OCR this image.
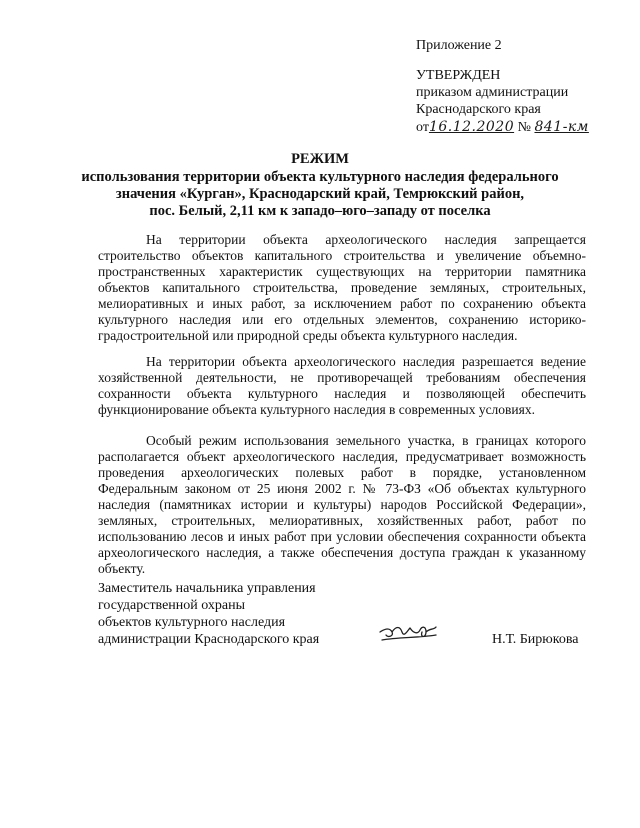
Приложение 2
УТВЕРЖДЕН
приказом администрации
Краснодарского края
от16.12.2020 № 841-км
РЕЖИМ
использования территории объекта культурного наследия федерального
значения «Курган», Краснодарский край, Темрюкский район,
пос. Белый, 2,11 км к западо–юго–западу от поселка
На территории объекта археологического наследия запрещается строительство объектов капитального строительства и увеличение объемно-пространственных характеристик существующих на территории памятника объектов капитального строительства, проведение земляных, строительных, мелиоративных и иных работ, за исключением работ по сохранению объекта культурного наследия или его отдельных элементов, сохранению историко-градостроительной или природной среды объекта культурного наследия.
На территории объекта археологического наследия разрешается ведение хозяйственной деятельности, не противоречащей требованиям обеспечения сохранности объекта культурного наследия и позволяющей обеспечить функционирование объекта культурного наследия в современных условиях.
Особый режим использования земельного участка, в границах которого располагается объект археологического наследия, предусматривает возможность проведения археологических полевых работ в порядке, установленном Федеральным законом от 25 июня 2002 г. № 73-ФЗ «Об объектах культурного наследия (памятниках истории и культуры) народов Российской Федерации», земляных, строительных, мелиоративных, хозяйственных работ, работ по использованию лесов и иных работ при условии обеспечения сохранности объекта археологического наследия, а также обеспечения доступа граждан к указанному объекту.
Заместитель начальника управления
государственной охраны
объектов культурного наследия
администрации Краснодарского края	Н.Т. Бирюкова
